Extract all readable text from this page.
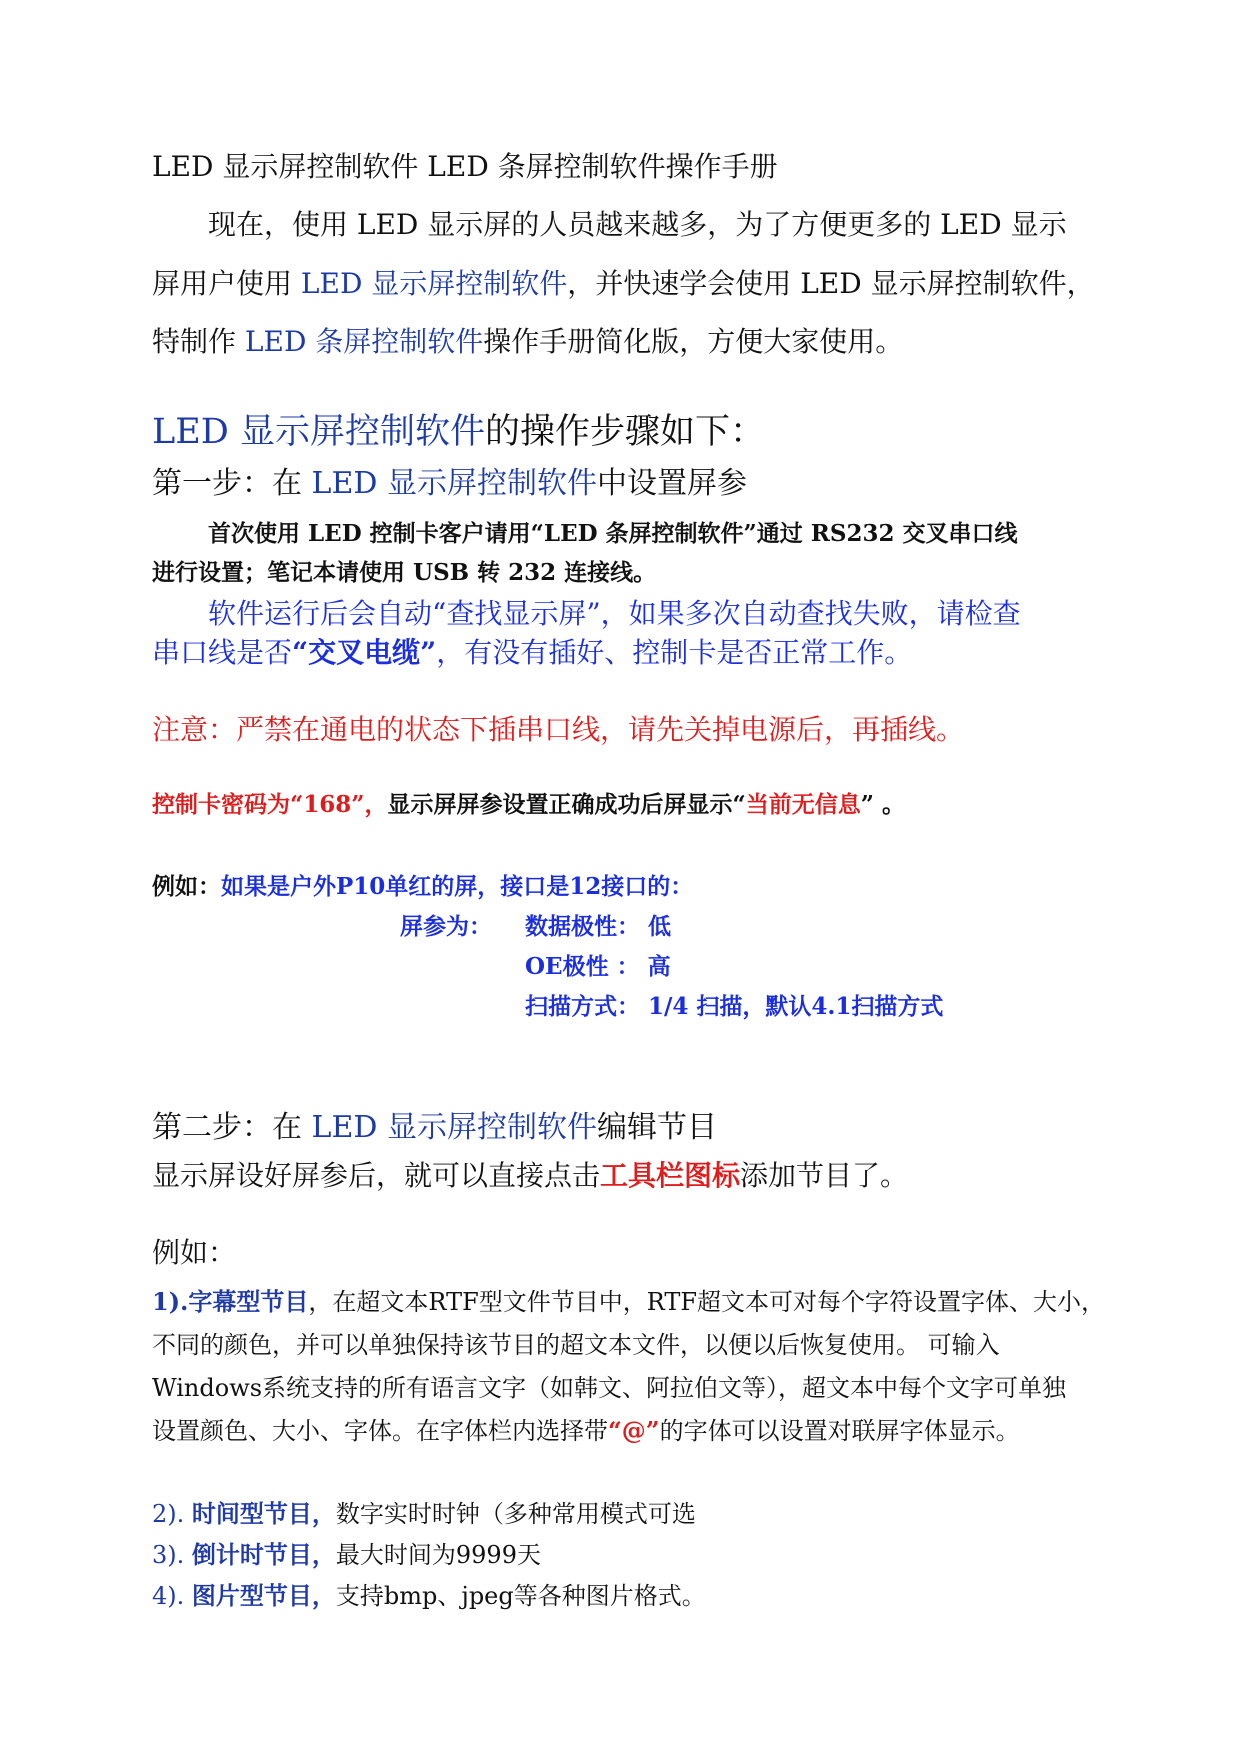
LED 显示屏控制软件 LED 条屏控制软件操作手册
现在，使用 LED 显示屏的人员越来越多，为了方便更多的 LED 显示
屏用户使用 LED 显示屏控制软件，并快速学会使用 LED 显示屏控制软件，
特制作 LED 条屏控制软件操作手册简化版，方便大家使用。
LED 显示屏控制软件的操作步骤如下：
第一步：在 LED 显示屏控制软件中设置屏参
首次使用 LED 控制卡客户请用“LED 条屏控制软件”通过 RS232 交叉串口线
进行设置；笔记本请使用 USB 转 232 连接线。
软件运行后会自动“查找显示屏”，如果多次自动查找失败，请检查
串口线是否“交叉电缆”，有没有插好、控制卡是否正常工作。
注意：严禁在通电的状态下插串口线，请先关掉电源后，再插线。
控制卡密码为“168”，显示屏屏参设置正确成功后屏显示“当前无信息” 。
例如：如果是户外P10单红的屏，接口是12接口的：
屏参为： 数据极性： 低
OE极性 ： 高
扫描方式： 1/4 扫描，默认4.1扫描方式
第二步：在 LED 显示屏控制软件编辑节目
显示屏设好屏参后，就可以直接点击工具栏图标添加节目了。
例如：
1).字幕型节目，在超文本RTF型文件节目中，RTF超文本可对每个字符设置字体、大小，
不同的颜色，并可以单独保持该节目的超文本文件，以便以后恢复使用。 可输入
Windows系统支持的所有语言文字（如韩文、阿拉伯文等），超文本中每个文字可单独
设置颜色、大小、字体。在字体栏内选择带“@”的字体可以设置对联屏字体显示。
2). 时间型节目，数字实时时钟（多种常用模式可选
3). 倒计时节目，最大时间为9999天
4). 图片型节目，支持bmp、jpeg等各种图片格式。
